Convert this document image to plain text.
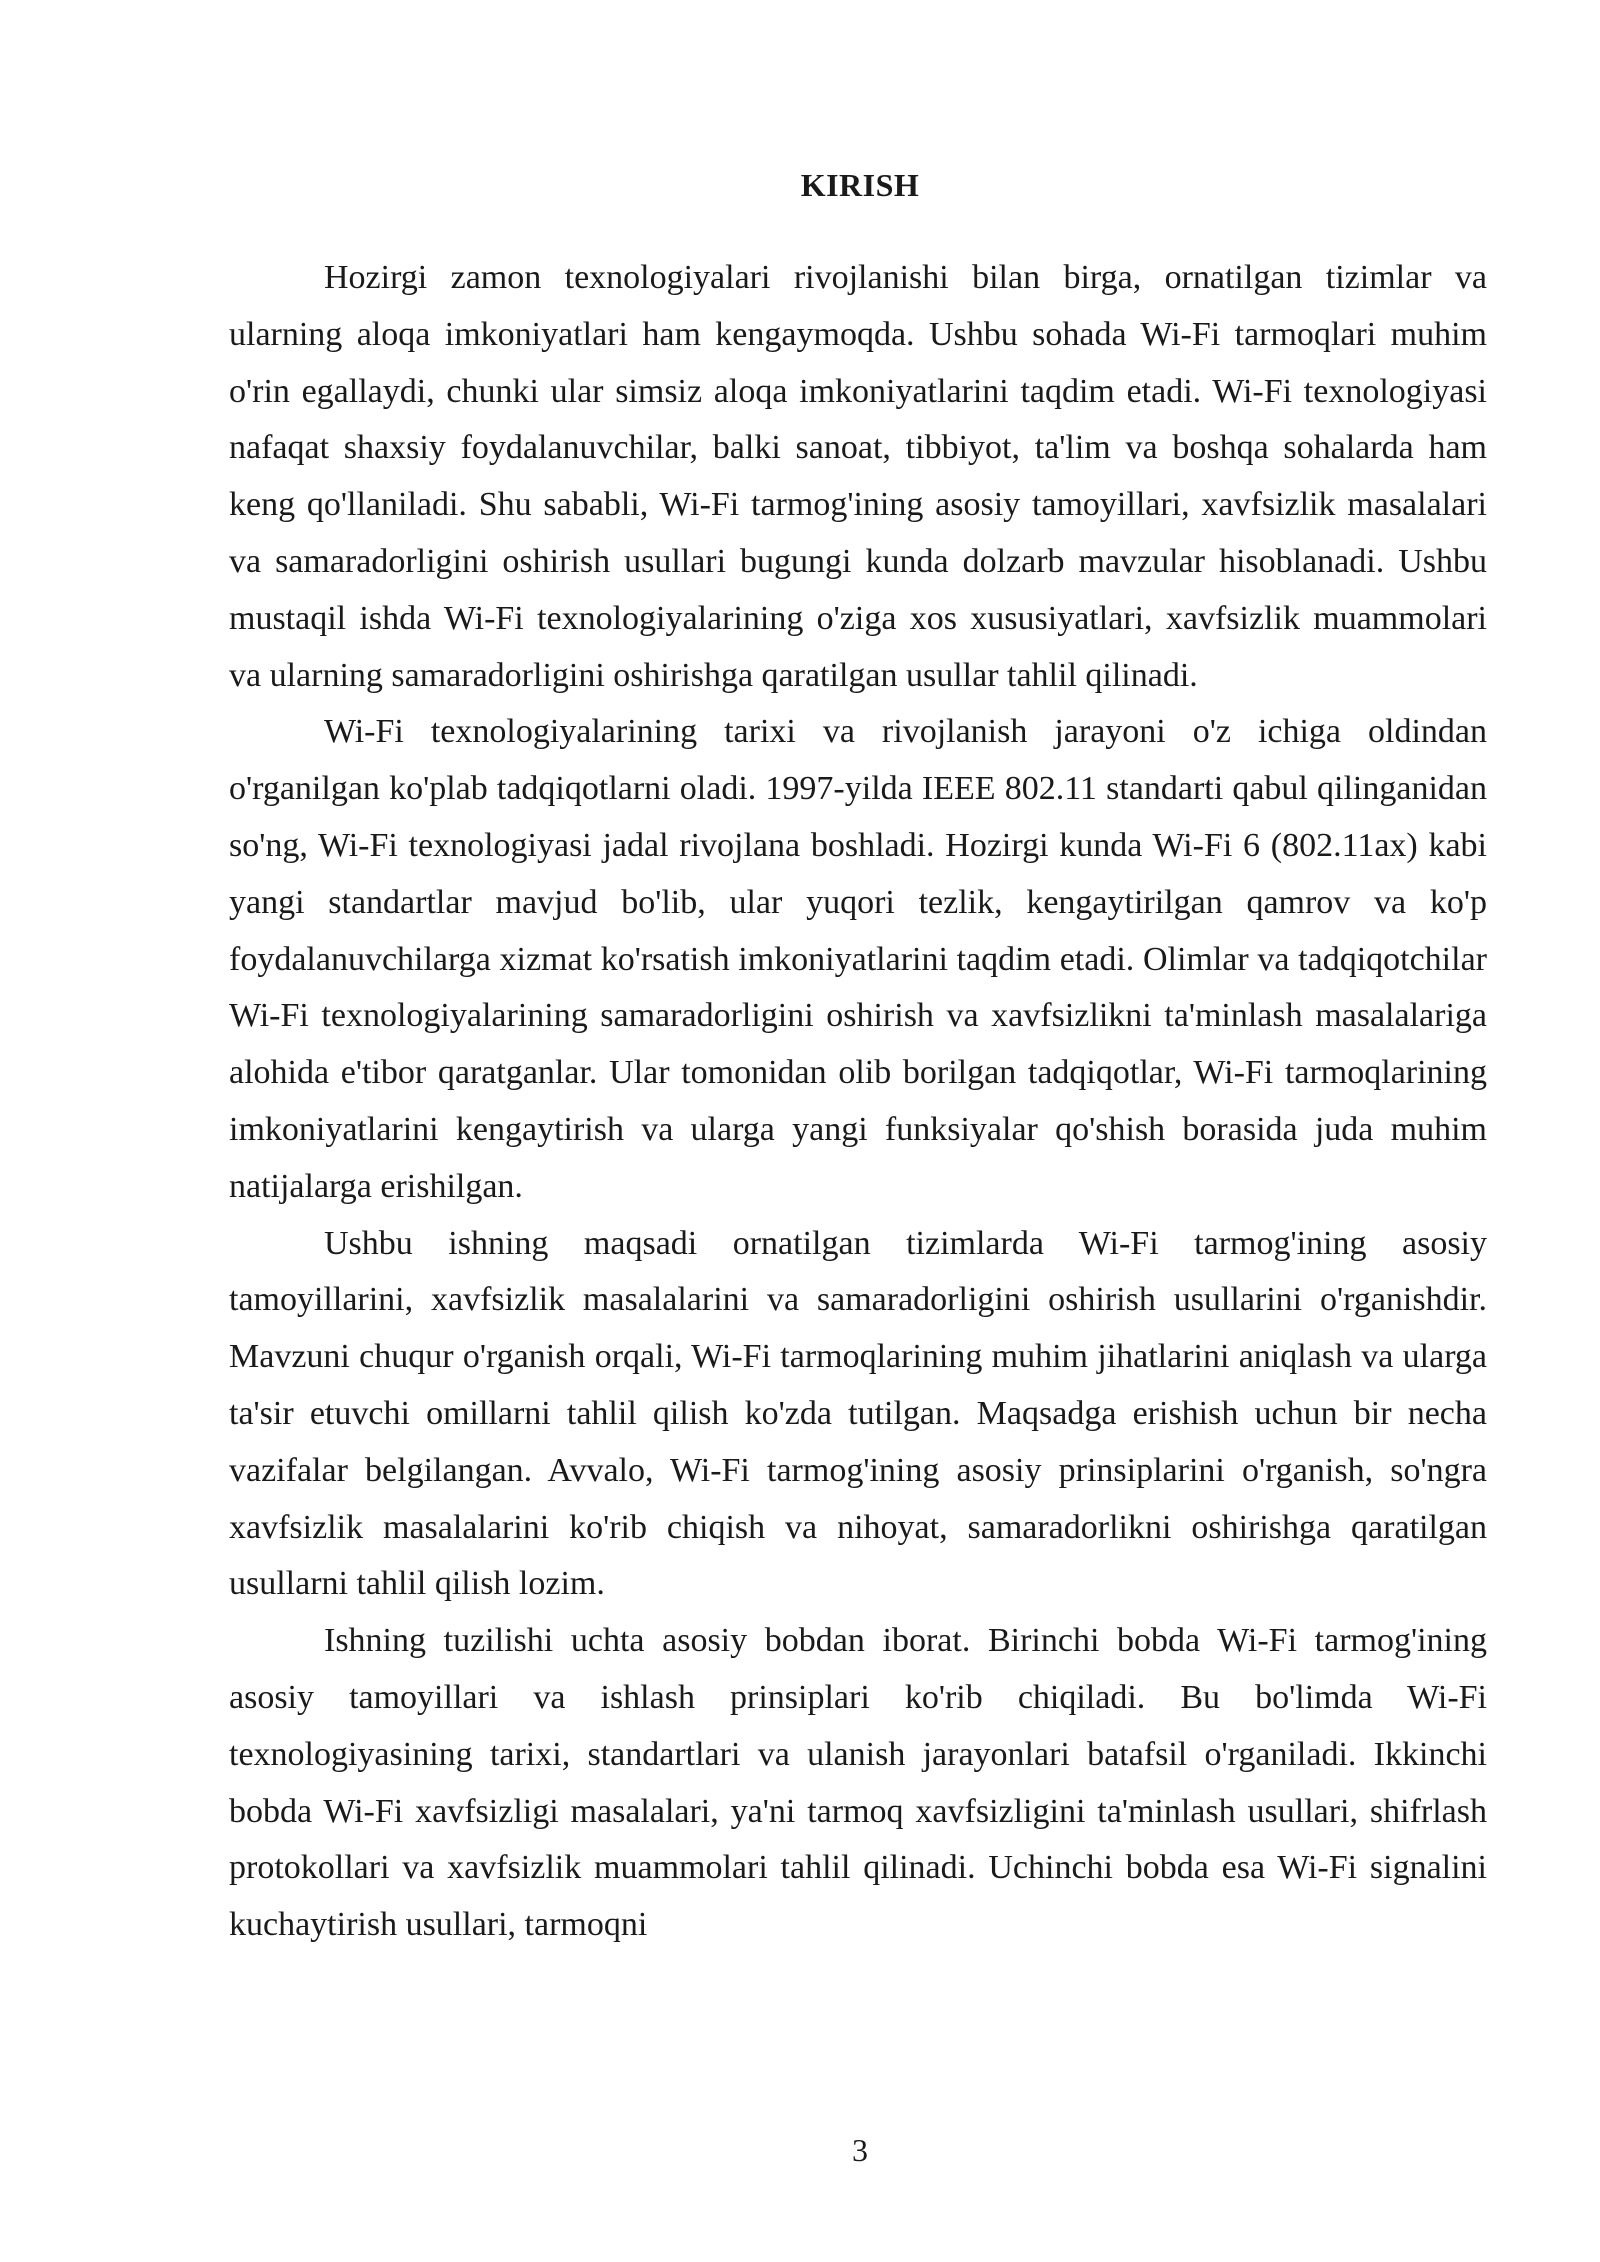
KIRISH

Hozirgi zamon texnologiyalari rivojlanishi bilan birga, ornatilgan tizimlar va ularning aloqa imkoniyatlari ham kengaymoqda. Ushbu sohada Wi-Fi tarmoqlari muhim o'rin egallaydi, chunki ular simsiz aloqa imkoniyatlarini taqdim etadi. Wi-Fi texnologiyasi nafaqat shaxsiy foydalanuvchilar, balki sanoat, tibbiyot, ta'lim va boshqa sohalarda ham keng qo'llaniladi. Shu sababli, Wi-Fi tarmog'ining asosiy tamoyillari, xavfsizlik masalalari va samaradorligini oshirish usullari bugungi kunda dolzarb mavzular hisoblanadi. Ushbu mustaqil ishda Wi-Fi texnologiyalarining o'ziga xos xususiyatlari, xavfsizlik muammolari va ularning samaradorligini oshirishga qaratilgan usullar tahlil qilinadi.

Wi-Fi texnologiyalarining tarixi va rivojlanish jarayoni o'z ichiga oldindan o'rganilgan ko'plab tadqiqotlarni oladi. 1997-yilda IEEE 802.11 standarti qabul qilinganidan so'ng, Wi-Fi texnologiyasi jadal rivojlana boshladi. Hozirgi kunda Wi-Fi 6 (802.11ax) kabi yangi standartlar mavjud bo'lib, ular yuqori tezlik, kengaytirilgan qamrov va ko'p foydalanuvchilarga xizmat ko'rsatish imkoniyatlarini taqdim etadi. Olimlar va tadqiqotchilar Wi-Fi texnologiyalarining samaradorligini oshirish va xavfsizlikni ta'minlash masalalariga alohida e'tibor qaratganlar. Ular tomonidan olib borilgan tadqiqotlar, Wi-Fi tarmoqlarining imkoniyatlarini kengaytirish va ularga yangi funksiyalar qo'shish borasida juda muhim natijalarga erishilgan.

Ushbu ishning maqsadi ornatilgan tizimlarda Wi-Fi tarmog'ining asosiy tamoyillarini, xavfsizlik masalalarini va samaradorligini oshirish usullarini o'rganishdir. Mavzuni chuqur o'rganish orqali, Wi-Fi tarmoqlarining muhim jihatlarini aniqlash va ularga ta'sir etuvchi omillarni tahlil qilish ko'zda tutilgan. Maqsadga erishish uchun bir necha vazifalar belgilangan. Avvalo, Wi-Fi tarmog'ining asosiy prinsiplarini o'rganish, so'ngra xavfsizlik masalalarini ko'rib chiqish va nihoyat, samaradorlikni oshirishga qaratilgan usullarni tahlil qilish lozim.

Ishning tuzilishi uchta asosiy bobdan iborat. Birinchi bobda Wi-Fi tarmog'ining asosiy tamoyillari va ishlash prinsiplari ko'rib chiqiladi. Bu bo'limda Wi-Fi texnologiyasining tarixi, standartlari va ulanish jarayonlari batafsil o'rganiladi. Ikkinchi bobda Wi-Fi xavfsizligi masalalari, ya'ni tarmoq xavfsizligini ta'minlash usullari, shifrlash protokollari va xavfsizlik muammolari tahlil qilinadi. Uchinchi bobda esa Wi-Fi signalini kuchaytirish usullari, tarmoqni

3
